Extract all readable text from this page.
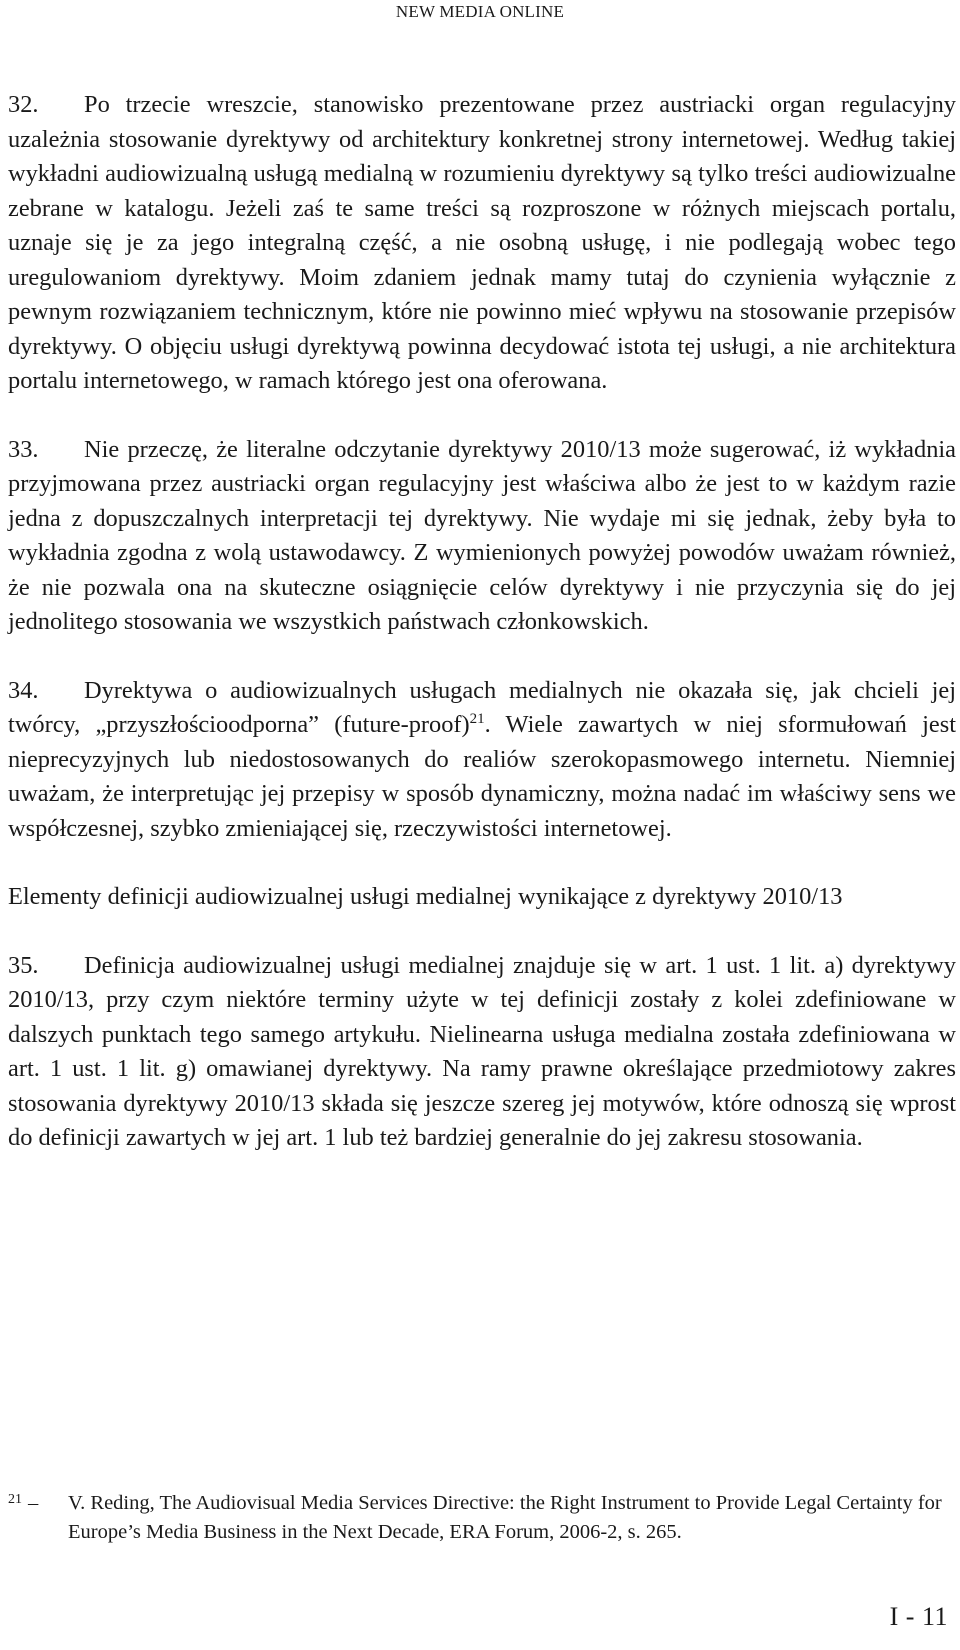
NEW MEDIA ONLINE

32. Po trzecie wreszcie, stanowisko prezentowane przez austriacki organ regulacyjny uzależnia stosowanie dyrektywy od architektury konkretnej strony internetowej. Według takiej wykładni audiowizualną usługą medialną w rozumieniu dyrektywy są tylko treści audiowizualne zebrane w katalogu. Jeżeli zaś te same treści są rozproszone w różnych miejscach portalu, uznaje się je za jego integralną część, a nie osobną usługę, i nie podlegają wobec tego uregulowaniom dyrektywy. Moim zdaniem jednak mamy tutaj do czynienia wyłącznie z pewnym rozwiązaniem technicznym, które nie powinno mieć wpływu na stosowanie przepisów dyrektywy. O objęciu usługi dyrektywą powinna decydować istota tej usługi, a nie architektura portalu internetowego, w ramach którego jest ona oferowana.

33. Nie przeczę, że literalne odczytanie dyrektywy 2010/13 może sugerować, iż wykładnia przyjmowana przez austriacki organ regulacyjny jest właściwa albo że jest to w każdym razie jedna z dopuszczalnych interpretacji tej dyrektywy. Nie wydaje mi się jednak, żeby była to wykładnia zgodna z wolą ustawodawcy. Z wymienionych powyżej powodów uważam również, że nie pozwala ona na skuteczne osiągnięcie celów dyrektywy i nie przyczynia się do jej jednolitego stosowania we wszystkich państwach członkowskich.

34. Dyrektywa o audiowizualnych usługach medialnych nie okazała się, jak chcieli jej twórcy, „przyszłościoodporna” (future-proof)$^{21}$. Wiele zawartych w niej sformułowań jest nieprecyzyjnych lub niedostosowanych do realiów szerokopasmowego internetu. Niemniej uważam, że interpretując jej przepisy w sposób dynamiczny, można nadać im właściwy sens we współczesnej, szybko zmieniającej się, rzeczywistości internetowej.

Elementy definicji audiowizualnej usługi medialnej wynikające z dyrektywy 2010/13

35. Definicja audiowizualnej usługi medialnej znajduje się w art. 1 ust. 1 lit. a) dyrektywy 2010/13, przy czym niektóre terminy użyte w tej definicji zostały z kolei zdefiniowane w dalszych punktach tego samego artykułu. Nielinearna usługa medialna została zdefiniowana w art. 1 ust. 1 lit. g) omawianej dyrektywy. Na ramy prawne określające przedmiotowy zakres stosowania dyrektywy 2010/13 składa się jeszcze szereg jej motywów, które odnoszą się wprost do definicji zawartych w jej art. 1 lub też bardziej generalnie do jej zakresu stosowania.

21 – V. Reding, The Audiovisual Media Services Directive: the Right Instrument to Provide Legal Certainty for Europe’s Media Business in the Next Decade, ERA Forum, 2006-2, s. 265.
I - 11
